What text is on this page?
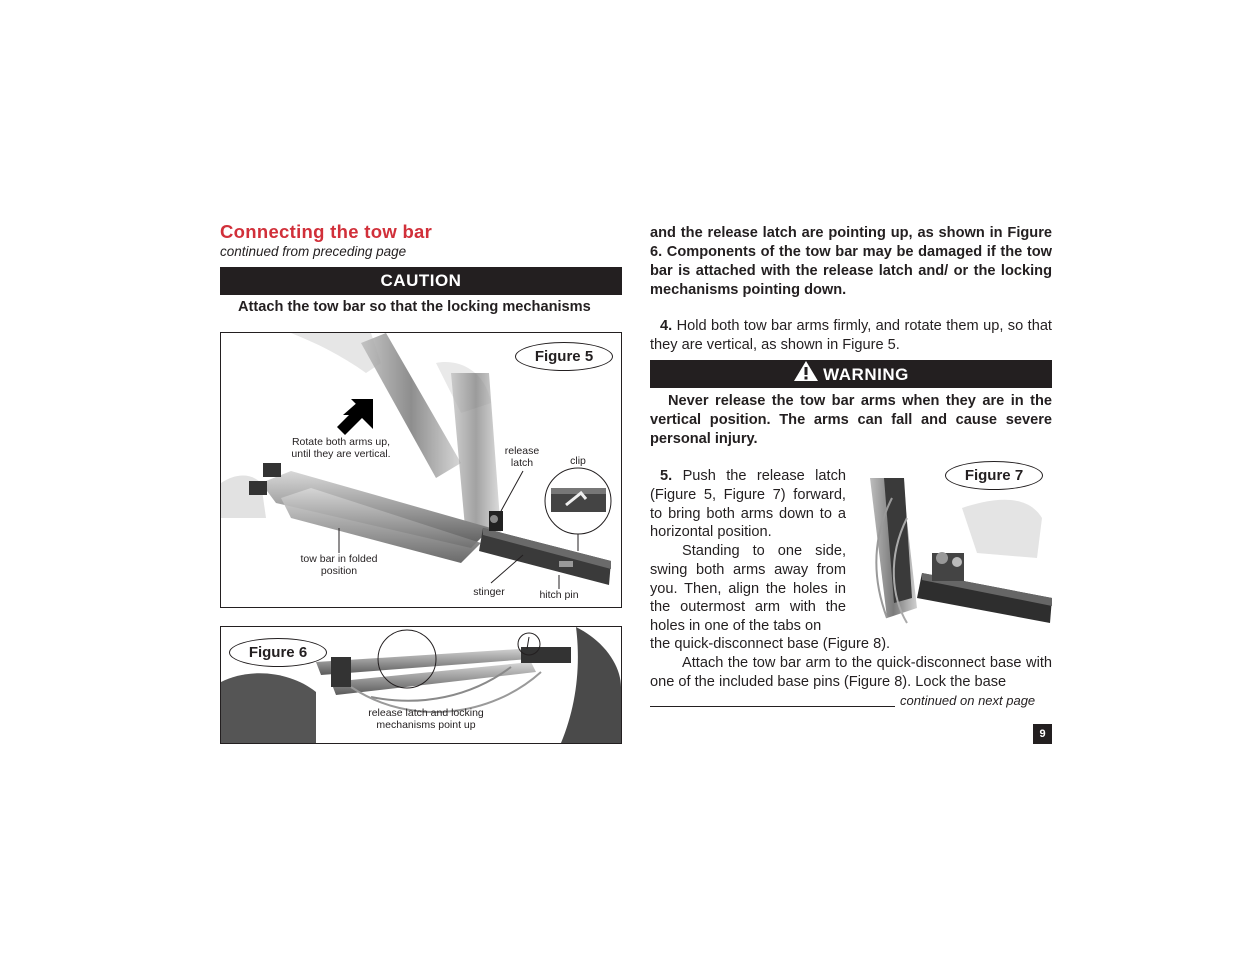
Connecting the tow bar
continued from preceding page
CAUTION
Attach the tow bar so that the locking mechanisms
Figure 5
Rotate both arms up, until they are vertical.	release latch	clip
tow bar in folded position
stinger	hitch pin
Figure 6
release latch and locking mechanisms point up
and the release latch are pointing up, as shown in Figure 6. Components of the tow bar may be damaged if the tow bar is attached with the release latch and/ or the locking mechanisms pointing down.
4. Hold both tow bar arms firmly, and rotate them up, so that they are vertical, as shown in Figure 5.
WARNING
Never release the tow bar arms when they are in the vertical position. The arms can fall and cause severe personal injury.
5. Push the release latch (Figure 5, Figure 7) forward, to bring both arms down to a horizontal position.
Standing to one side, swing both arms away from you. Then, align the holes in the outermost arm with the holes in one of the tabs on
the quick-disconnect base (Figure 8).
Attach the tow bar arm to the quick-disconnect base with one of the included base pins (Figure 8). Lock the base
Figure 7
continued on next page
9
